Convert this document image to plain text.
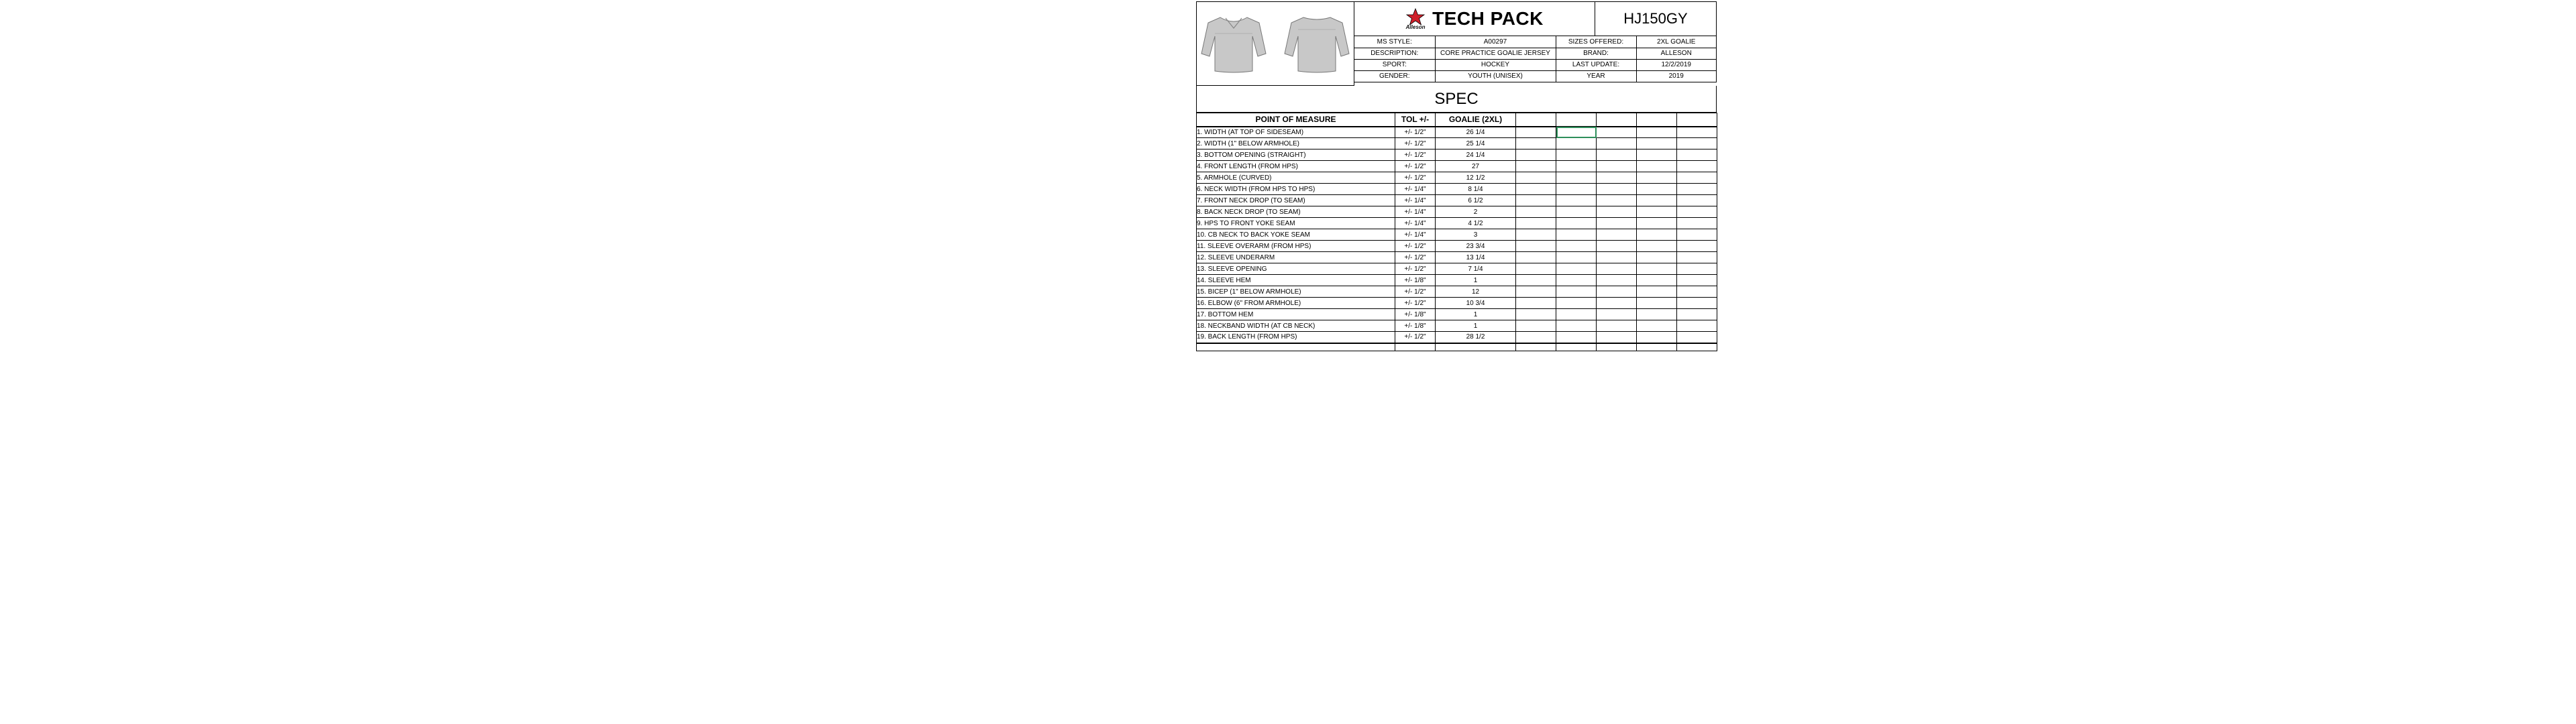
Alleson TECH PACK	HJ150GY
MS STYLE:	A00297	SIZES OFFERED:	2XL GOALIE
DESCRIPTION:	CORE PRACTICE GOALIE JERSEY	BRAND:	ALLESON
SPORT:	HOCKEY	LAST UPDATE:	12/2/2019
GENDER:	YOUTH (UNISEX)	YEAR	2019
SPEC
POINT OF MEASURE	TOL +/-	GOALIE (2XL)					
1. WIDTH (AT TOP OF SIDESEAM)	+/- 1/2"	26 1/4					
2. WIDTH (1" BELOW ARMHOLE)	+/- 1/2"	25 1/4					
3. BOTTOM OPENING (STRAIGHT)	+/- 1/2"	24 1/4					
4. FRONT LENGTH (FROM HPS)	+/- 1/2"	27					
5. ARMHOLE (CURVED)	+/- 1/2"	12 1/2					
6. NECK WIDTH (FROM HPS TO HPS)	+/- 1/4"	8 1/4					
7. FRONT NECK DROP (TO SEAM)	+/- 1/4"	6 1/2					
8. BACK NECK DROP (TO SEAM)	+/- 1/4"	2					
9. HPS TO FRONT YOKE SEAM	+/- 1/4"	4 1/2					
10. CB NECK TO BACK YOKE SEAM	+/- 1/4"	3					
11. SLEEVE OVERARM (FROM HPS)	+/- 1/2"	23 3/4					
12. SLEEVE UNDERARM	+/- 1/2"	13 1/4					
13. SLEEVE OPENING	+/- 1/2"	7 1/4					
14. SLEEVE HEM	+/- 1/8"	1					
15. BICEP (1" BELOW ARMHOLE)	+/- 1/2"	12					
16. ELBOW (6" FROM ARMHOLE)	+/- 1/2"	10 3/4					
17. BOTTOM HEM	+/- 1/8"	1					
18. NECKBAND WIDTH (AT CB NECK)	+/- 1/8"	1					
19. BACK LENGTH (FROM HPS)	+/- 1/2"	28 1/2					
